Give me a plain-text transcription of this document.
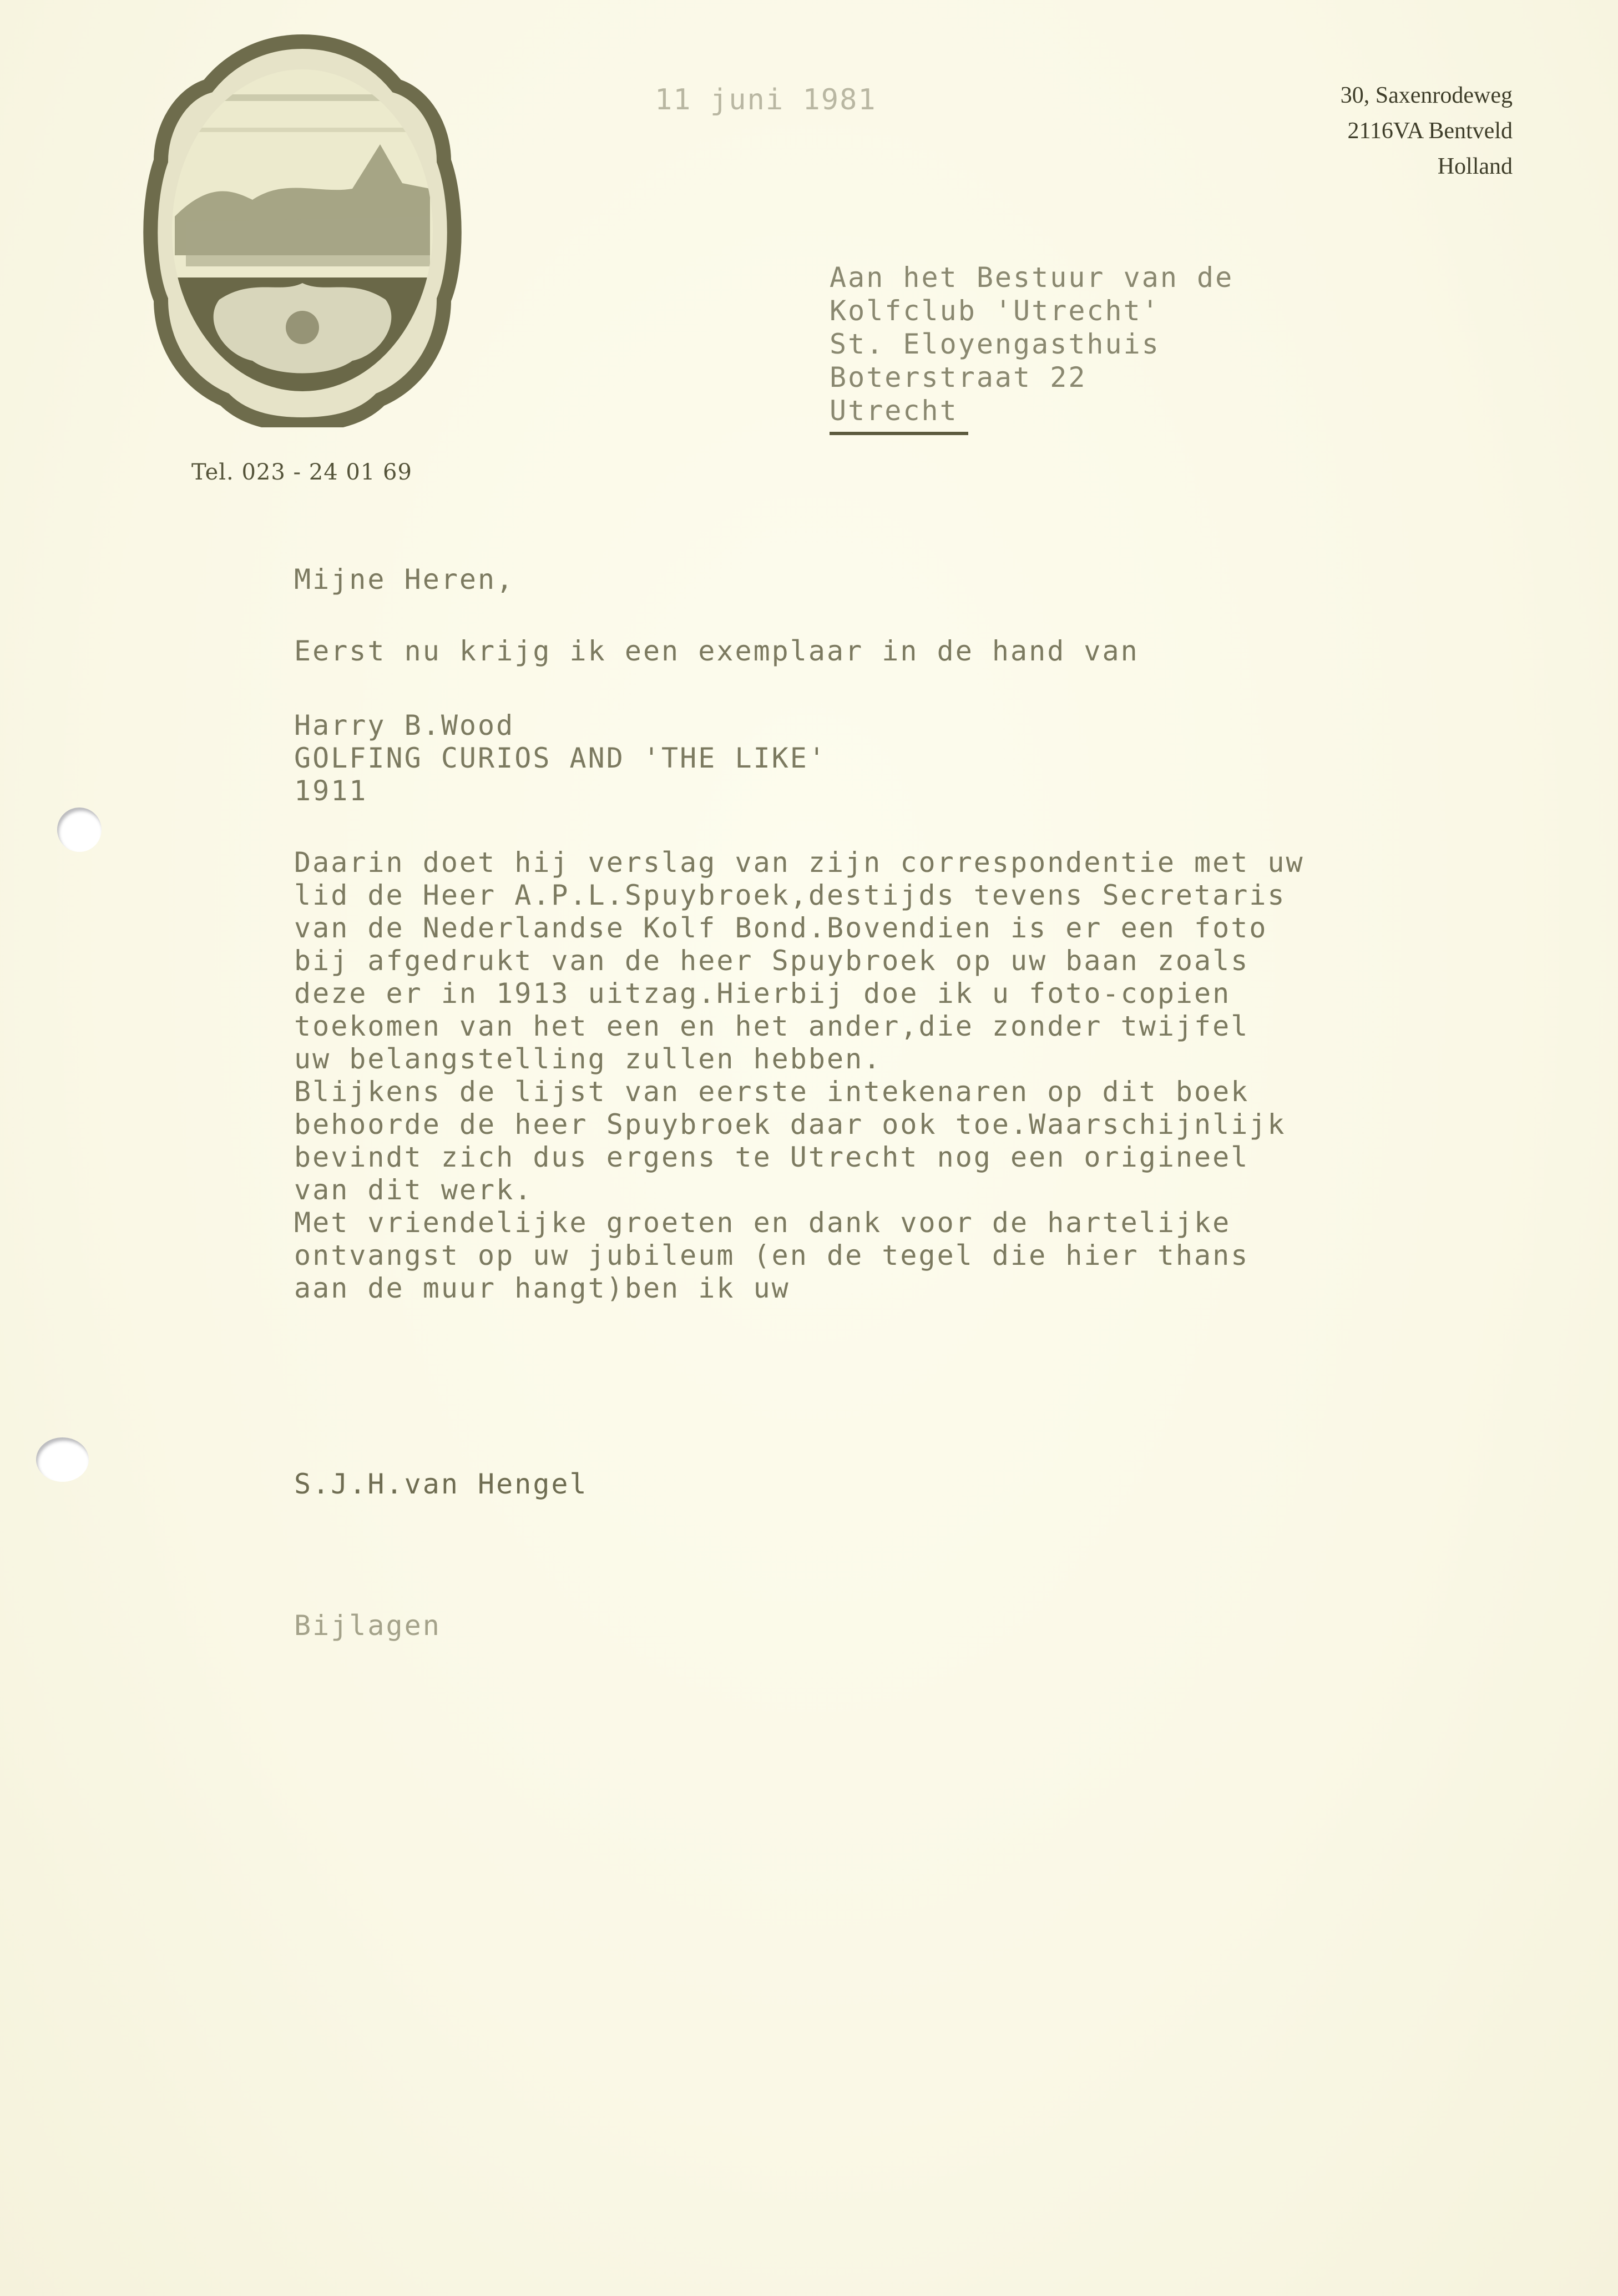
Tel. 023 - 24 01 69
11 juni 1981	30, Saxenrodeweg
2116VA Bentveld
Holland
Aan het Bestuur van de
Kolfclub 'Utrecht'
St. Eloyengasthuis
Boterstraat 22
Utrecht
Mijne Heren,
Eerst nu krijg ik een exemplaar in de hand van
Harry B.Wood
GOLFING CURIOS AND 'THE LIKE'
1911
Daarin doet hij verslag van zijn correspondentie met uw
lid de Heer A.P.L.Spuybroek,destijds tevens Secretaris
van de Nederlandse Kolf Bond.Bovendien is er een foto
bij afgedrukt van de heer Spuybroek op uw baan zoals
deze er in 1913 uitzag.Hierbij doe ik u foto-copien
toekomen van het een en het ander,die zonder twijfel
uw belangstelling zullen hebben.
Blijkens de lijst van eerste intekenaren op dit boek
behoorde de heer Spuybroek daar ook toe.Waarschijnlijk
bevindt zich dus ergens te Utrecht nog een origineel
van dit werk.
Met vriendelijke groeten en dank voor de hartelijke
ontvangst op uw jubileum (en de tegel die hier thans
aan de muur hangt)ben ik uw
S.J.H.van Hengel
Bijlagen
